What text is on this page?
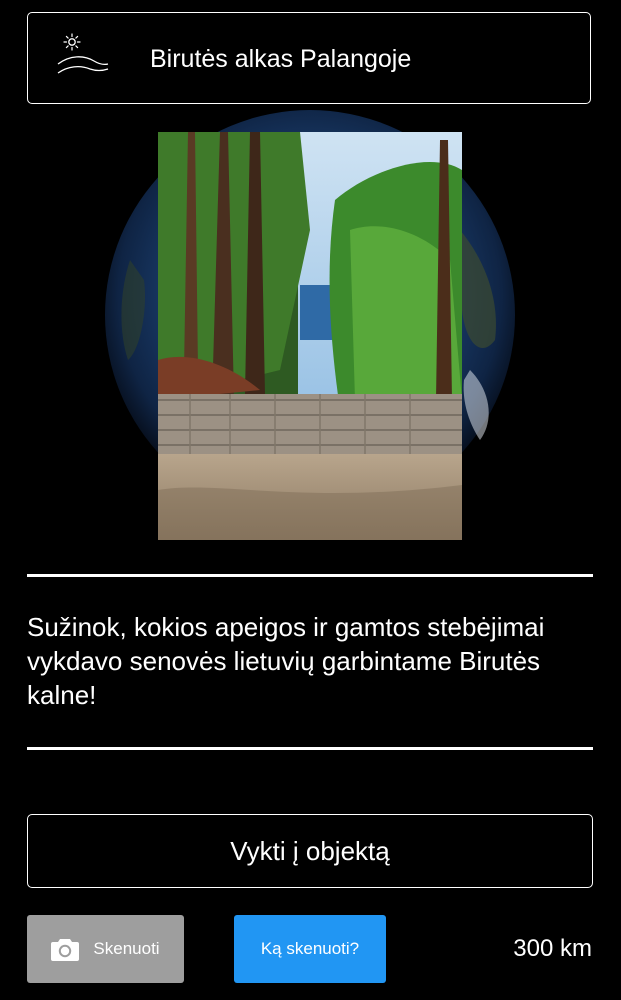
Birutės alkas Palangoje
Sužinok, kokios apeigos ir gamtos stebėjimai vykdavo senovės lietuvių garbintame Birutės kalne!
Vykti į objektą
Skenuoti	Ką skenuoti?	300 km
